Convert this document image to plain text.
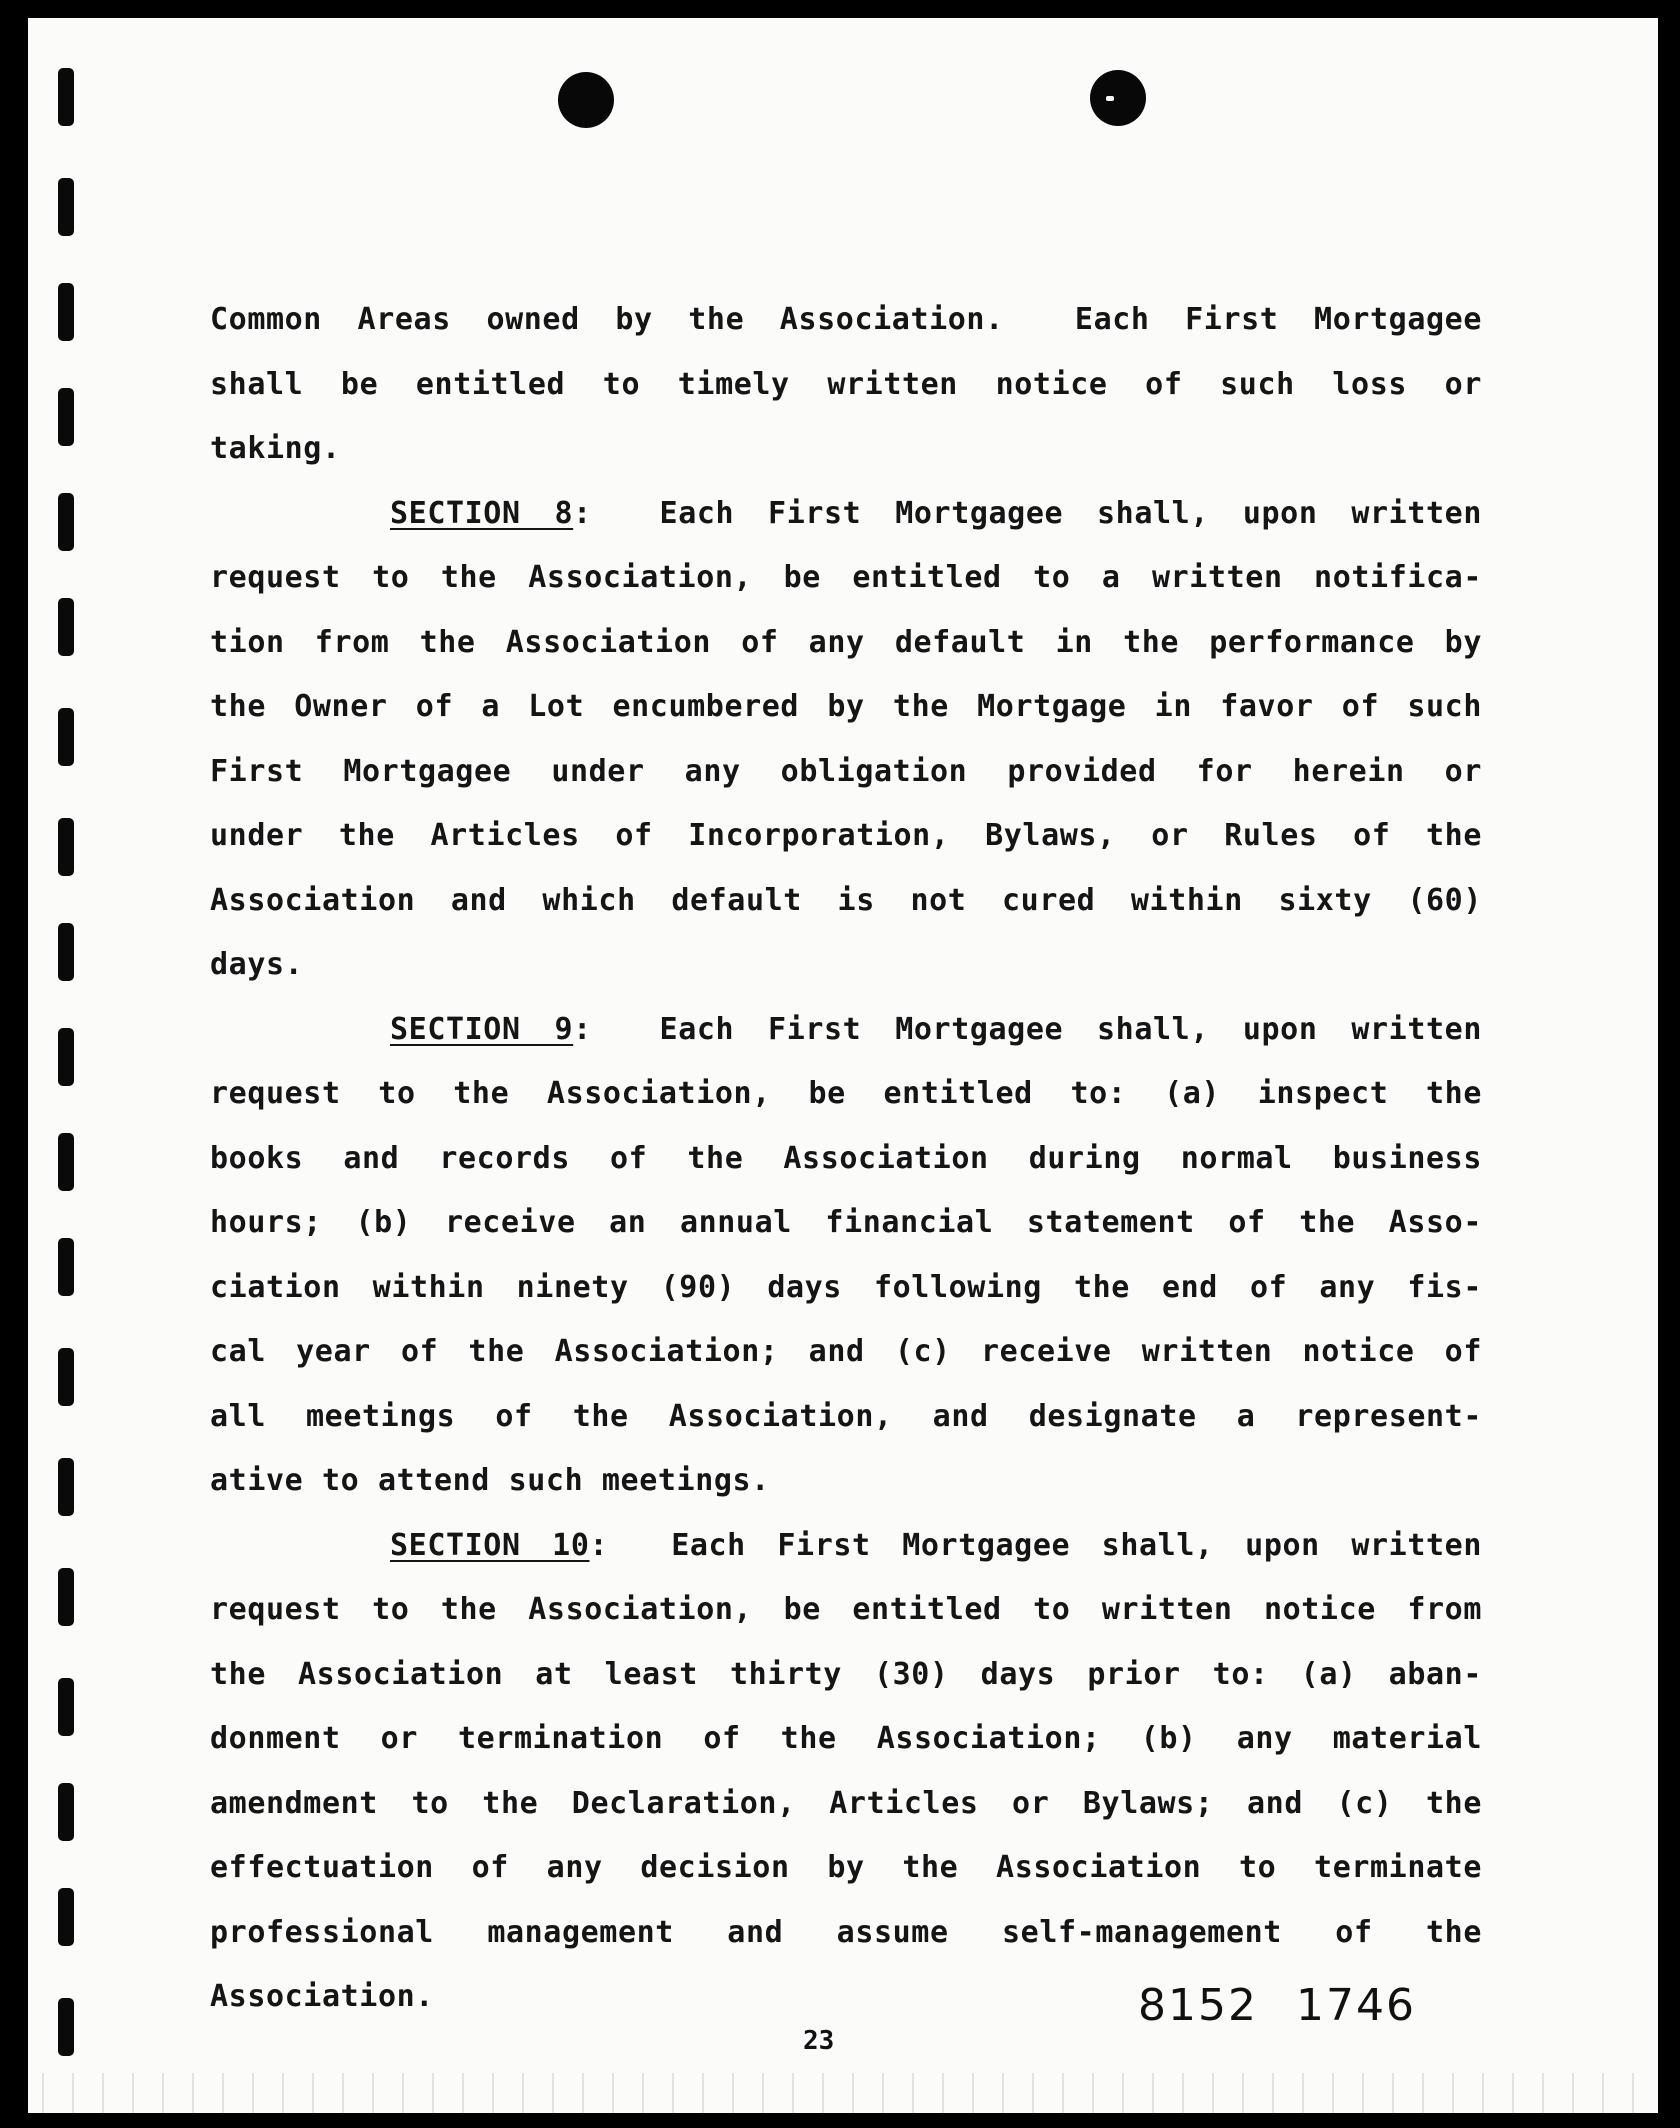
Common Areas owned by the Association.  Each First Mortgagee
shall be entitled to timely written notice of such loss or
taking.
SECTION 8:  Each First Mortgagee shall, upon written
request to the Association, be entitled to a written notifica-
tion from the Association of any default in the performance by
the Owner of a Lot encumbered by the Mortgage in favor of such
First Mortgagee under any obligation provided for herein or
under the Articles of Incorporation, Bylaws, or Rules of the
Association and which default is not cured within sixty (60)
days.
SECTION 9:  Each First Mortgagee shall, upon written
request to the Association, be entitled to: (a) inspect the
books and records of the Association during normal business
hours; (b) receive an annual financial statement of the Asso-
ciation within ninety (90) days following the end of any fis-
cal year of the Association; and (c) receive written notice of
all meetings of the Association, and designate a represent-
ative to attend such meetings.
SECTION 10:  Each First Mortgagee shall, upon written
request to the Association, be entitled to written notice from
the Association at least thirty (30) days prior to: (a) aban-
donment or termination of the Association; (b) any material
amendment to the Declaration, Articles or Bylaws; and (c) the
effectuation of any decision by the Association to terminate
professional management and assume self-management of the
Association.
23
8152 1746
